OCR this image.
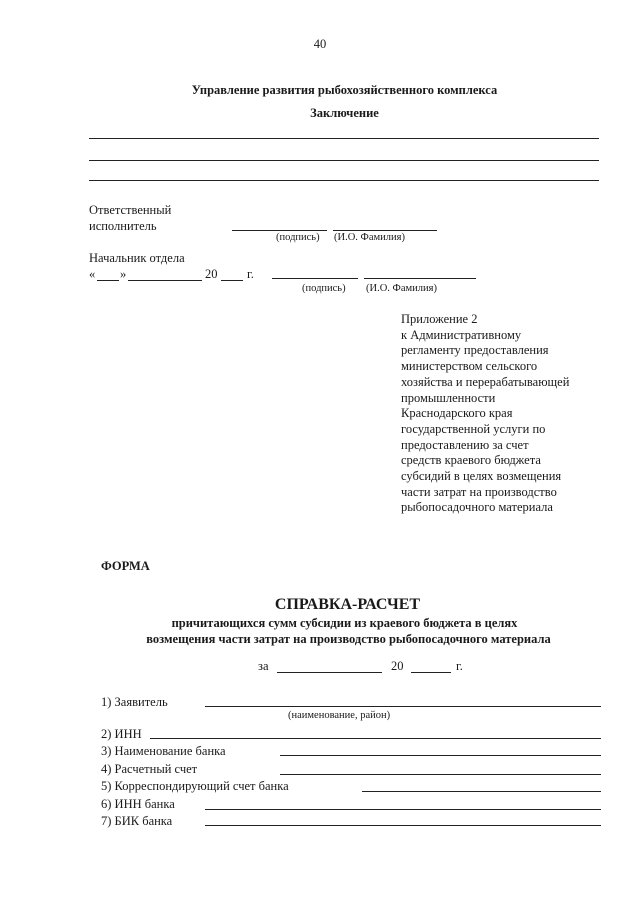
40
Управление развития рыбохозяйственного комплекса
Заключение
Ответственный
исполнитель
(подпись) (И.О. Фамилия)
Начальник отдела
« »	20 г.
(подпись) (И.О. Фамилия)
Приложение 2
к Административному
регламенту предоставления
министерством сельского
хозяйства и перерабатывающей
промышленности
Краснодарского края
государственной услуги по
предоставлению за счет
средств краевого бюджета
субсидий в целях возмещения
части затрат на производство
рыбопосадочного материала
ФОРМА
СПРАВКА-РАСЧЕТ
причитающихся сумм субсидии из краевого бюджета в целях
возмещения части затрат на производство рыбопосадочного материала
за	20	г.
1) Заявитель
(наименование, район)
2) ИНН
3) Наименование банка
4) Расчетный счет
5) Корреспондирующий счет банка
6) ИНН банка
7) БИК банка
